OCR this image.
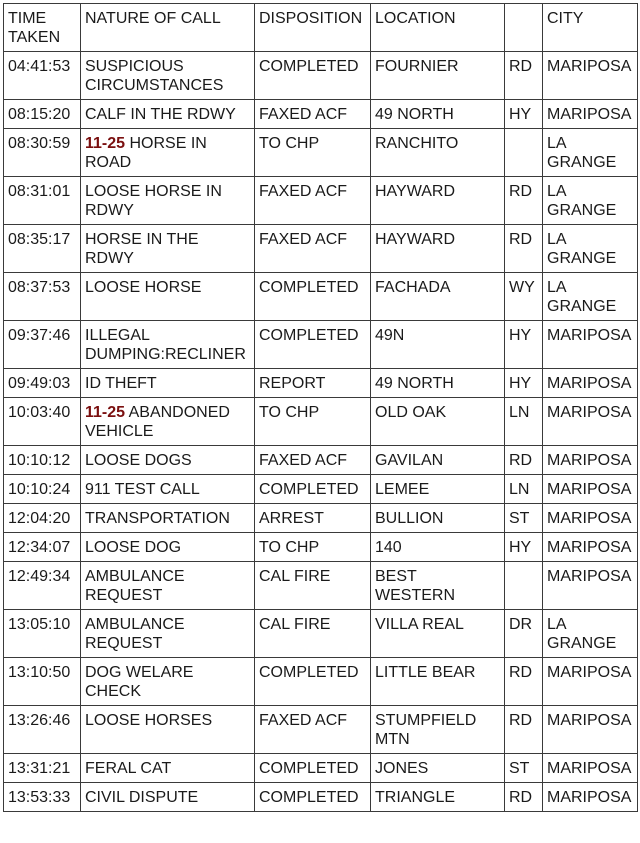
TIME TAKEN	NATURE OF CALL	DISPOSITION	LOCATION		CITY
04:41:53	SUSPICIOUS CIRCUMSTANCES	COMPLETED	FOURNIER	RD	MARIPOSA
08:15:20	CALF IN THE RDWY	FAXED ACF	49 NORTH	HY	MARIPOSA
08:30:59	11-25 HORSE IN ROAD	TO CHP	RANCHITO		LA GRANGE
08:31:01	LOOSE HORSE IN RDWY	FAXED ACF	HAYWARD	RD	LA GRANGE
08:35:17	HORSE IN THE RDWY	FAXED ACF	HAYWARD	RD	LA GRANGE
08:37:53	LOOSE HORSE	COMPLETED	FACHADA	WY	LA GRANGE
09:37:46	ILLEGAL DUMPING:RECLINER	COMPLETED	49N	HY	MARIPOSA
09:49:03	ID THEFT	REPORT	49 NORTH	HY	MARIPOSA
10:03:40	11-25 ABANDONED VEHICLE	TO CHP	OLD OAK	LN	MARIPOSA
10:10:12	LOOSE DOGS	FAXED ACF	GAVILAN	RD	MARIPOSA
10:10:24	911 TEST CALL	COMPLETED	LEMEE	LN	MARIPOSA
12:04:20	TRANSPORTATION	ARREST	BULLION	ST	MARIPOSA
12:34:07	LOOSE DOG	TO CHP	140	HY	MARIPOSA
12:49:34	AMBULANCE REQUEST	CAL FIRE	BEST WESTERN		MARIPOSA
13:05:10	AMBULANCE REQUEST	CAL FIRE	VILLA REAL	DR	LA GRANGE
13:10:50	DOG WELARE CHECK	COMPLETED	LITTLE BEAR	RD	MARIPOSA
13:26:46	LOOSE HORSES	FAXED ACF	STUMPFIELD MTN	RD	MARIPOSA
13:31:21	FERAL CAT	COMPLETED	JONES	ST	MARIPOSA
13:53:33	CIVIL DISPUTE	COMPLETED	TRIANGLE	RD	MARIPOSA
